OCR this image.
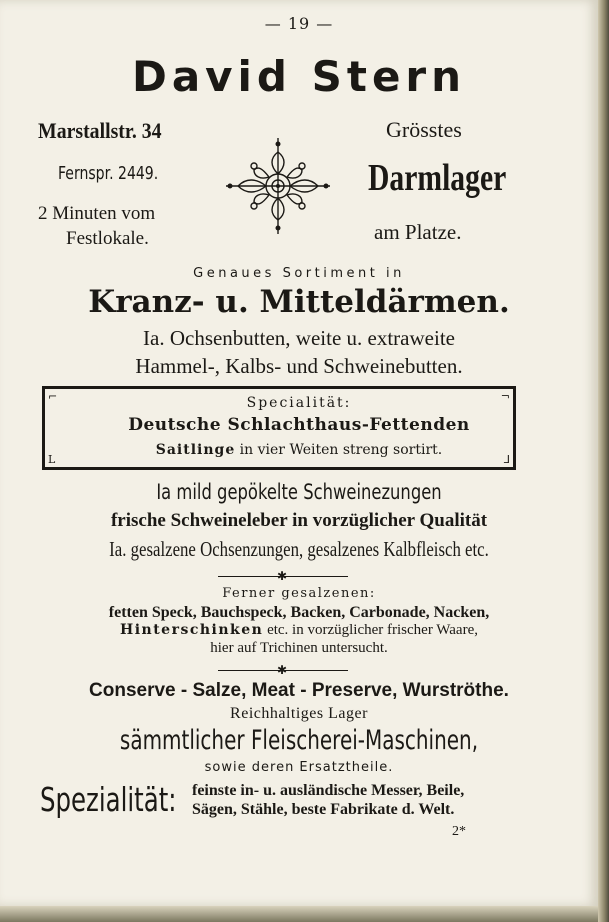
— 19 —
David Stern
Marstallstr. 34
Fernspr. 2449.
2 Minuten vom
Festlokale.
Grösstes
Darmlager
am Platze.
Genaues Sortiment in
Kranz- u. Mitteldärmen.
Ia. Ochsenbutten, weite u. extraweite
Hammel-, Kalbs- und Schweinebutten.
⌐	¬
L	⅃
Specialität:
Deutsche Schlachthaus-Fettenden
Saitlinge in vier Weiten streng sortirt.
Ia mild gepökelte Schweinezungen
frische Schweineleber in vorzüglicher Qualität
Ia. gesalzene Ochsenzungen, gesalzenes Kalbfleisch etc.
✱
Ferner gesalzenen:
fetten Speck, Bauchspeck, Backen, Carbonade, Nacken,
Hinterschinken etc. in vorzüglicher frischer Waare,
hier auf Trichinen untersucht.
✱
Conserve - Salze, Meat - Preserve, Wurströthe.
Reichhaltiges Lager
sämmtlicher Fleischerei-Maschinen,
sowie deren Ersatztheile.
Spezialität: feinste in- u. ausländische Messer, Beile,
Sägen, Stähle, beste Fabrikate d. Welt.
2*
